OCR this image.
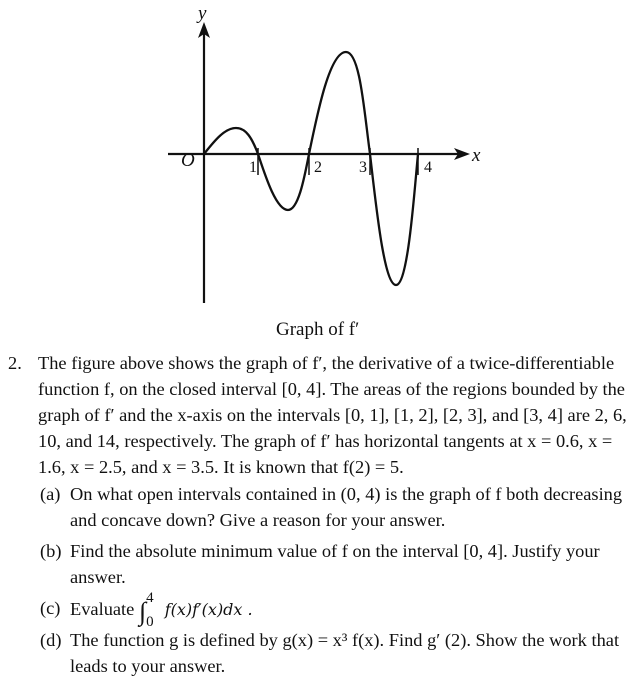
y
x
O	1	2 3	4
Graph of f′
2. The figure above shows the graph of f′, the derivative of a twice-differentiable function f, on the closed interval [0, 4]. The areas of the regions bounded by the graph of f′ and the x-axis on the intervals [0, 1], [1, 2], [2, 3], and [3, 4] are 2, 6, 10, and 14, respectively. The graph of f′ has horizontal tangents at x = 0.6, x = 1.6, x = 2.5, and x = 3.5. It is known that f(2) = 5.
(a) On what open intervals contained in (0, 4) is the graph of f both decreasing and concave down? Give a reason for your answer.
(b) Find the absolute minimum value of f on the interval [0, 4]. Justify your answer.
(c) Evaluate ∫ 4
0
f(x)f′(x)dx .
(d) The function g is defined by g(x) = x³ f(x). Find g′ (2). Show the work that leads to your answer.
